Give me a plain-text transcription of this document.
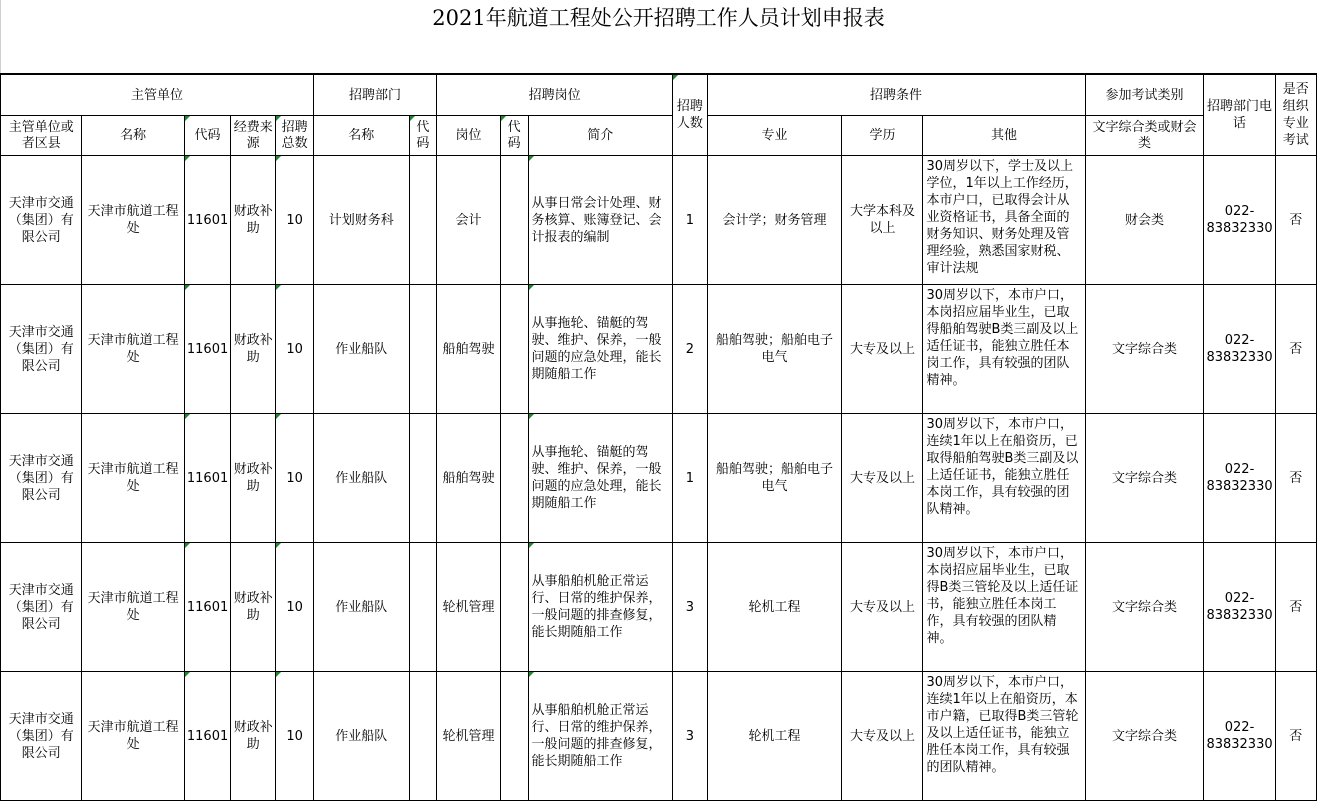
2021年航道工程处公开招聘工作人员计划申报表
主管单位					招聘部门		招聘岗位			招聘人数	招聘条件			参加考试类别	招聘部门电话	是否组织专业考试
主管单位或者区县	名称	代码	经费来源	招聘总数	名称	代码	岗位	代码	简介		专业	学历	其他	文字综合类或财会类		
天津市交通（集团）有限公司	天津市航道工程处	11601	财政补助	10	计划财务科		会计		从事日常会计处理、财务核算、账簿登记、会计报表的编制	1	会计学；财务管理	大学本科及以上	30周岁以下，学士及以上学位，1年以上工作经历，本市户口，已取得会计从业资格证书，具备全面的财务知识、财务处理及管理经验，熟悉国家财税、审计法规	财会类	022-83832330	否
天津市交通（集团）有限公司	天津市航道工程处	11601	财政补助	10	作业船队		船舶驾驶		从事拖轮、锚艇的驾驶、维护、保养，一般问题的应急处理，能长期随船工作	2	船舶驾驶；船舶电子电气	大专及以上	30周岁以下，本市户口，本岗招应届毕业生，已取得船舶驾驶B类三副及以上适任证书，能独立胜任本岗工作，具有较强的团队精神。	文字综合类	022-83832330	否
天津市交通（集团）有限公司	天津市航道工程处	11601	财政补助	10	作业船队		船舶驾驶		从事拖轮、锚艇的驾驶、维护、保养，一般问题的应急处理，能长期随船工作	1	船舶驾驶；船舶电子电气	大专及以上	30周岁以下，本市户口，连续1年以上在船资历，已取得船舶驾驶B类三副及以上适任证书，能独立胜任本岗工作，具有较强的团队精神。	文字综合类	022-83832330	否
天津市交通（集团）有限公司	天津市航道工程处	11601	财政补助	10	作业船队		轮机管理		从事船舶机舱正常运行、日常的维护保养，一般问题的排查修复，能长期随船工作	3	轮机工程	大专及以上	30周岁以下，本市户口，本岗招应届毕业生，已取得B类三管轮及以上适任证书，能独立胜任本岗工作，具有较强的团队精神。	文字综合类	022-83832330	否
天津市交通（集团）有限公司	天津市航道工程处	11601	财政补助	10	作业船队		轮机管理		从事船舶机舱正常运行、日常的维护保养，一般问题的排查修复，能长期随船工作	3	轮机工程	大专及以上	30周岁以下，本市户口，连续1年以上在船资历，本市户籍，已取得B类三管轮及以上适任证书，能独立胜任本岗工作，具有较强的团队精神。	文字综合类	022-83832330	否
